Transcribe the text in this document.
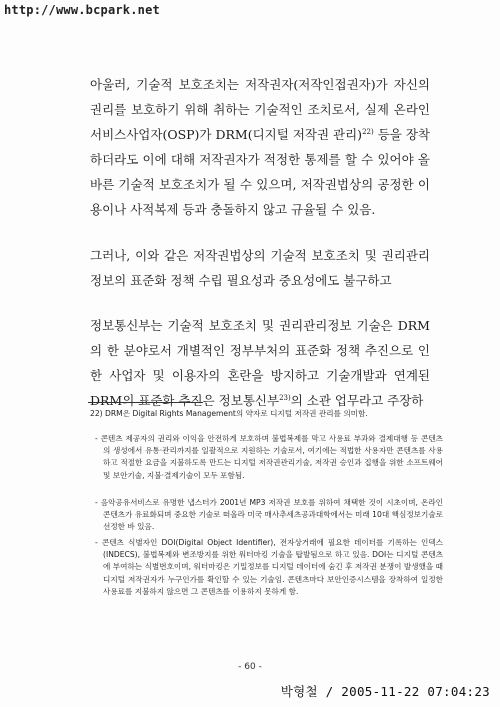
http://www.bcpark.net

아울러, 기술적 보호조치는 저작권자(저작인접권자)가 자신의 권리를 보호하기 위해 취하는 기술적인 조치로서, 실제 온라인 서비스사업자(OSP)가 DRM(디지털 저작권 관리)$^{22)}$ 등을 장착 하더라도 이에 대해 저작권자가 적정한 통제를 할 수 있어야 올바른 기술적 보호조치가 될 수 있으며, 저작권법상의 공정한 이용이나 사적복제 등과 충돌하지 않고 규율될 수 있음.

그러나, 이와 같은 저작권법상의 기술적 보호조치 및 권리관리 정보의 표준화 정책 수립 필요성과 중요성에도 불구하고

정보통신부는 기술적 보호조치 및 권리관리정보 기술은 DRM의 한 분야로서 개별적인 정부부처의 표준화 정책 추진으로 인한 사업자 및 이용자의 혼란을 방지하고 기술개발과 연계된 DRM의 표준화 추진은 정보통신부$^{23)}$의 소관 업무라고 주장하

22) DRM은 Digital Rights Management의 약자로 디지털 저작권 관리를 의미함.

- 콘텐츠 제공자의 권리와 이익을 안전하게 보호하며 불법복제를 막고 사용료 부과와 결제대행 등 콘텐츠의 생성에서 유통·관리까지를 일괄적으로 지원하는 기술로서, 여기에는 적법한 사용자만 콘텐츠를 사용하고 적절한 요금을 지불하도록 만드는 디지털 저작권관리기술, 저작권 승인과 집행을 위한 소프트웨어 및 보안기술, 지불·결제기술이 모두 포함됨.

- 음악공유서비스로 유명한 냅스터가 2001년 MP3 저작권 보호를 위하여 채택한 것이 시초이며, 온라인 콘텐츠가 유료화되며 중요한 기술로 떠올라 미국 매사추세츠공과대학에서는 미래 10대 핵심정보기술로 선정한 바 있음.

- 콘텐츠 식별자인 DOI(Digital Object Identifier), 전자상거래에 필요한 데이터를 기록하는 인덱스(INDECS), 불법복제와 변조방지를 위한 워터마킹 기술을 탑발됨으로 하고 있음. DOI는 디지털 콘텐츠에 부여하는 식별번호이며, 워터마킹은 기밀정보를 디지털 데이터에 숨긴 후 저작권 분쟁이 발생했을 때 디지털 저작권자가 누구인가를 확인할 수 있는 기술임. 콘텐츠마다 보안인증시스템을 장착하여 일정한 사용료를 지불하지 않으면 그 콘텐츠를 이용하지 못하게 함.

- 60 -
박형철 / 2005-11-22 07:04:23
